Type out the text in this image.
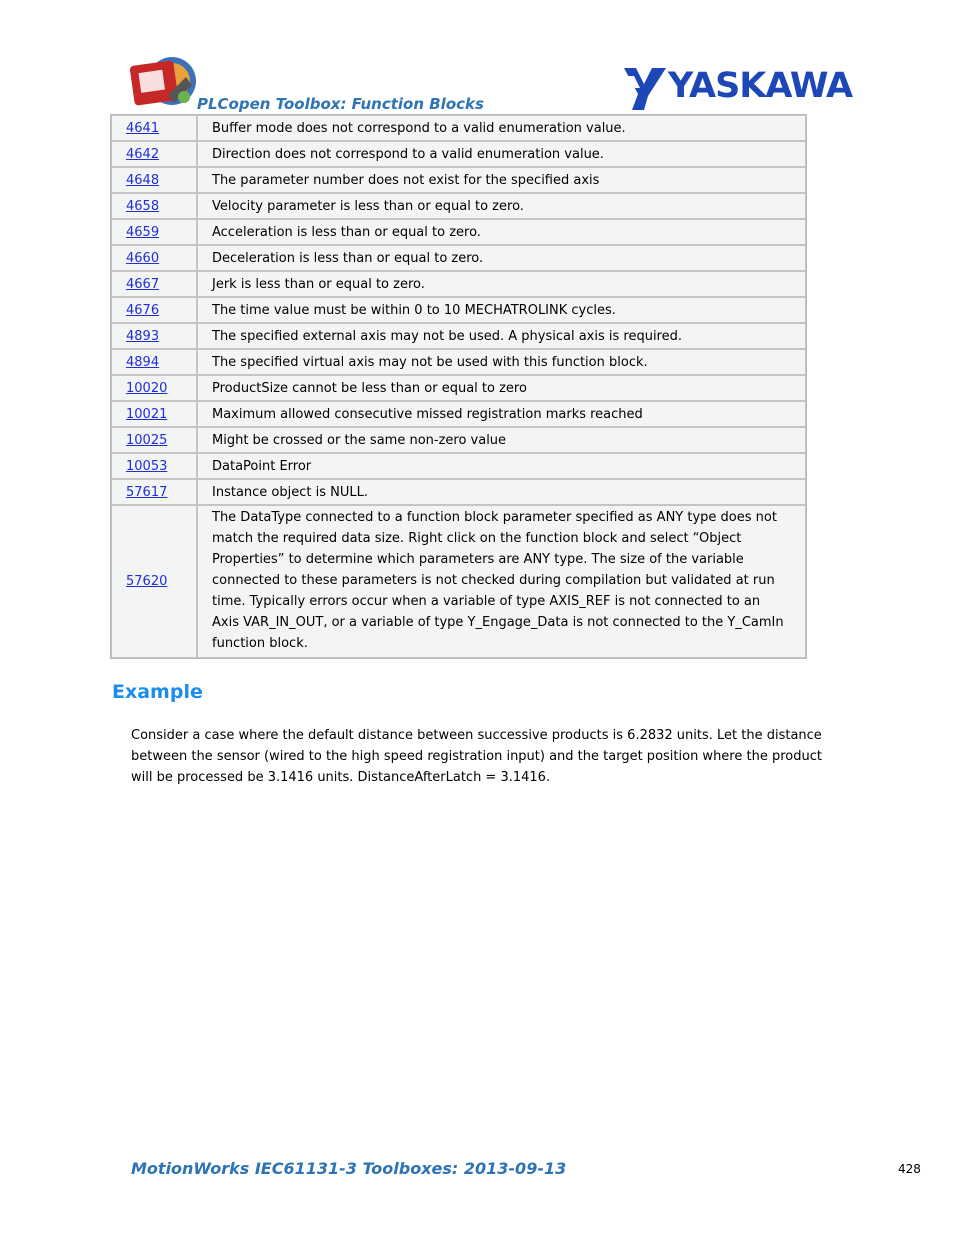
PLCopen Toolbox: Function Blocks	YASKAWA
4641	Buffer mode does not correspond to a valid enumeration value.
4642	Direction does not correspond to a valid enumeration value.
4648	The parameter number does not exist for the specified axis
4658	Velocity parameter is less than or equal to zero.
4659	Acceleration is less than or equal to zero.
4660	Deceleration is less than or equal to zero.
4667	Jerk is less than or equal to zero.
4676	The time value must be within 0 to 10 MECHATROLINK cycles.
4893	The specified external axis may not be used. A physical axis is required.
4894	The specified virtual axis may not be used with this function block.
10020	ProductSize cannot be less than or equal to zero
10021	Maximum allowed consecutive missed registration marks reached
10025	Might be crossed or the same non-zero value
10053	DataPoint Error
57617	Instance object is NULL.
57620	The DataType connected to a function block parameter specified as ANY type does not match the required data size. Right click on the function block and select “Object Properties” to determine which parameters are ANY type. The size of the variable connected to these parameters is not checked during compilation but validated at run time. Typically errors occur when a variable of type AXIS_REF is not connected to an Axis VAR_IN_OUT, or a variable of type Y_Engage_Data is not connected to the Y_CamIn function block.
Example

Consider a case where the default distance between successive products is 6.2832 units. Let the distance between the sensor (wired to the high speed registration input) and the target position where the product will be processed be 3.1416 units. DistanceAfterLatch = 3.1416.

MotionWorks IEC61131-3 Toolboxes: 2013-09-13	428
